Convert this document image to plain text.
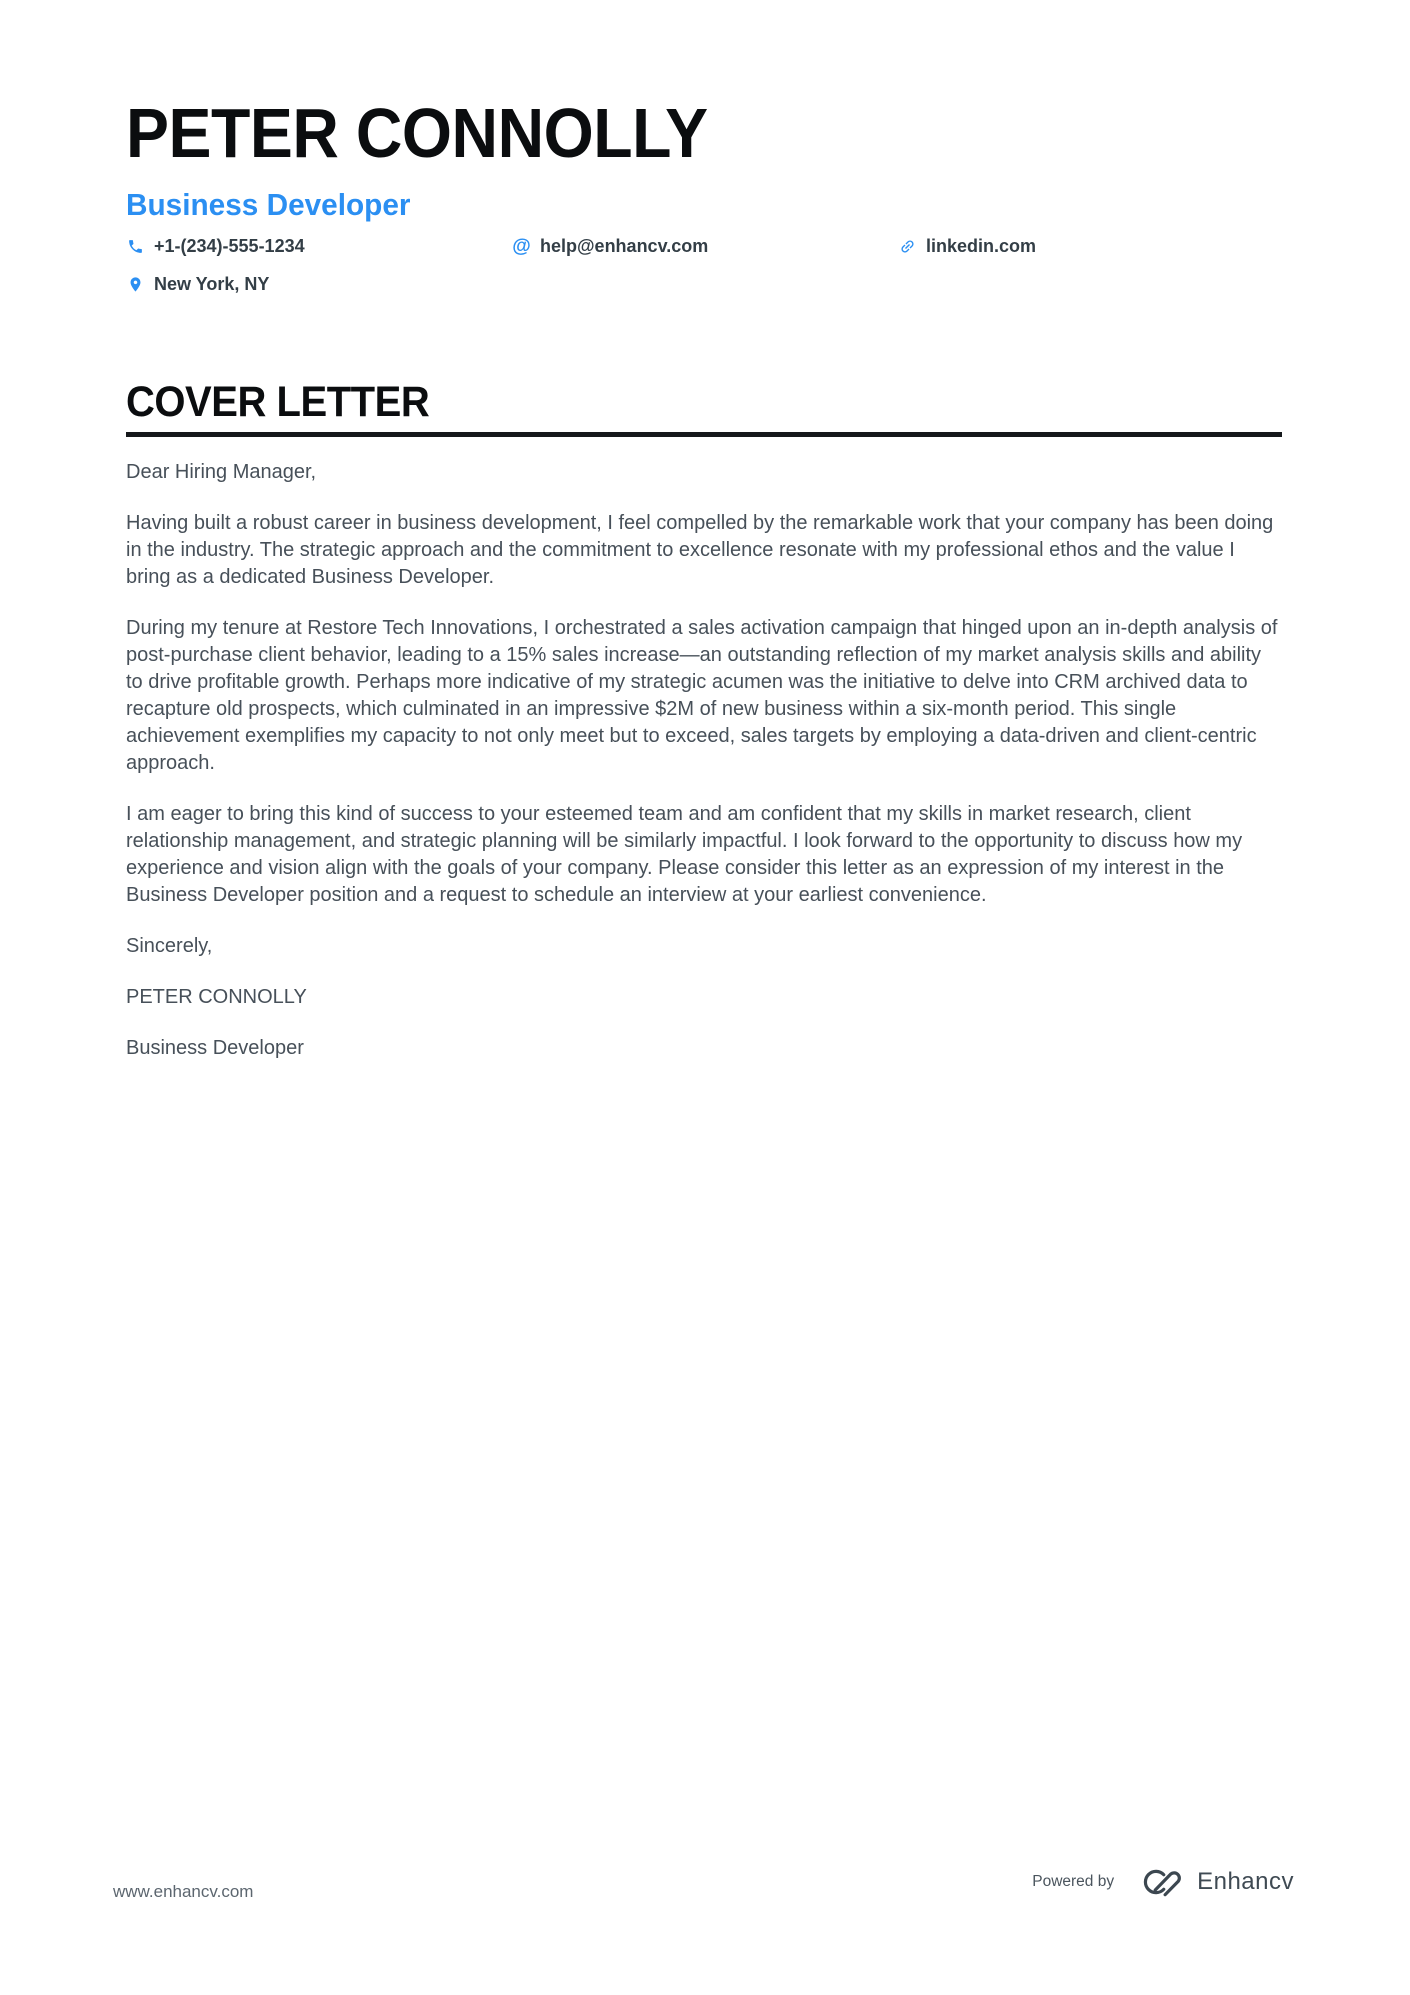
PETER CONNOLLY
Business Developer
+1-(234)-555-1234	@ help@enhancv.com	linkedin.com
New York, NY
COVER LETTER

Dear Hiring Manager,

Having built a robust career in business development, I feel compelled by the remarkable work that your company has been doing in the industry. The strategic approach and the commitment to excellence resonate with my professional ethos and the value I bring as a dedicated Business Developer.

During my tenure at Restore Tech Innovations, I orchestrated a sales activation campaign that hinged upon an in-depth analysis of post-purchase client behavior, leading to a 15% sales increase—an outstanding reflection of my market analysis skills and ability to drive profitable growth. Perhaps more indicative of my strategic acumen was the initiative to delve into CRM archived data to recapture old prospects, which culminated in an impressive $2M of new business within a six-month period. This single achievement exemplifies my capacity to not only meet but to exceed, sales targets by employing a data-driven and client-centric approach.

I am eager to bring this kind of success to your esteemed team and am confident that my skills in market research, client relationship management, and strategic planning will be similarly impactful. I look forward to the opportunity to discuss how my experience and vision align with the goals of your company. Please consider this letter as an expression of my interest in the Business Developer position and a request to schedule an interview at your earliest convenience.

Sincerely,

PETER CONNOLLY

Business Developer

www.enhancv.com
Powered by	Enhancv
